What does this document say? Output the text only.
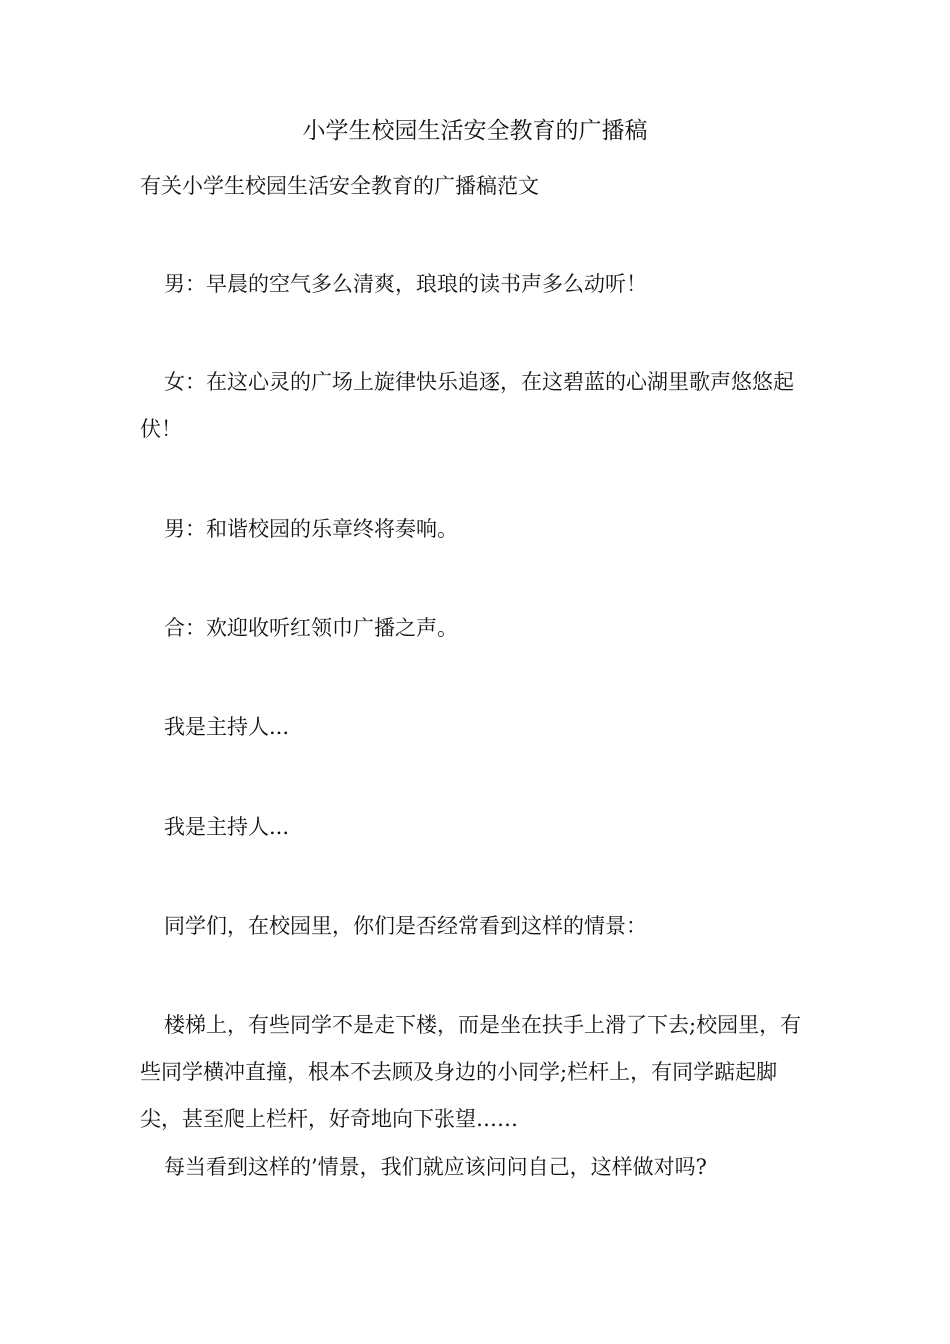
小学生校园生活安全教育的广播稿
有关小学生校园生活安全教育的广播稿范文
男：早晨的空气多么清爽，琅琅的读书声多么动听！
女：在这心灵的广场上旋律快乐追逐，在这碧蓝的心湖里歌声悠悠起伏！
男：和谐校园的乐章终将奏响。
合：欢迎收听红领巾广播之声。
我是主持人...
我是主持人...
同学们，在校园里，你们是否经常看到这样的情景：
楼梯上，有些同学不是走下楼，而是坐在扶手上滑了下去;校园里，有些同学横冲直撞，根本不去顾及身边的小同学;栏杆上，有同学踮起脚尖，甚至爬上栏杆，好奇地向下张望……
每当看到这样的’情景，我们就应该问问自己，这样做对吗?
